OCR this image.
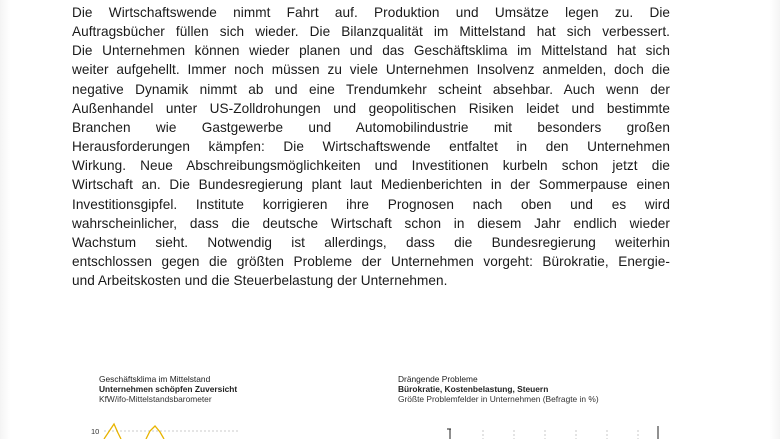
Die Wirtschaftswende nimmt Fahrt auf. Produktion und Umsätze legen zu. Die
Auftragsbücher füllen sich wieder. Die Bilanzqualität im Mittelstand hat sich verbessert.
Die Unternehmen können wieder planen und das Geschäftsklima im Mittelstand hat sich
weiter aufgehellt. Immer noch müssen zu viele Unternehmen Insolvenz anmelden, doch die
negative Dynamik nimmt ab und eine Trendumkehr scheint absehbar. Auch wenn der
Außenhandel unter US-Zolldrohungen und geopolitischen Risiken leidet und bestimmte
Branchen wie Gastgewerbe und Automobilindustrie mit besonders großen
Herausforderungen kämpfen: Die Wirtschaftswende entfaltet in den Unternehmen
Wirkung. Neue Abschreibungsmöglichkeiten und Investitionen kurbeln schon jetzt die
Wirtschaft an. Die Bundesregierung plant laut Medienberichten in der Sommerpause einen
Investitionsgipfel. Institute korrigieren ihre Prognosen nach oben und es wird
wahrscheinlicher, dass die deutsche Wirtschaft schon in diesem Jahr endlich wieder
Wachstum sieht. Notwendig ist allerdings, dass die Bundesregierung weiterhin
entschlossen gegen die größten Probleme der Unternehmen vorgeht: Bürokratie, Energie-
und Arbeitskosten und die Steuerbelastung der Unternehmen.
Geschäftsklima im Mittelstand
Unternehmen schöpfen Zuversicht
KfW/ifo-Mittelstandsbarometer
Drängende Probleme
Bürokratie, Kostenbelastung, Steuern
Größte Problemfelder in Unternehmen (Befragte in %)
10
